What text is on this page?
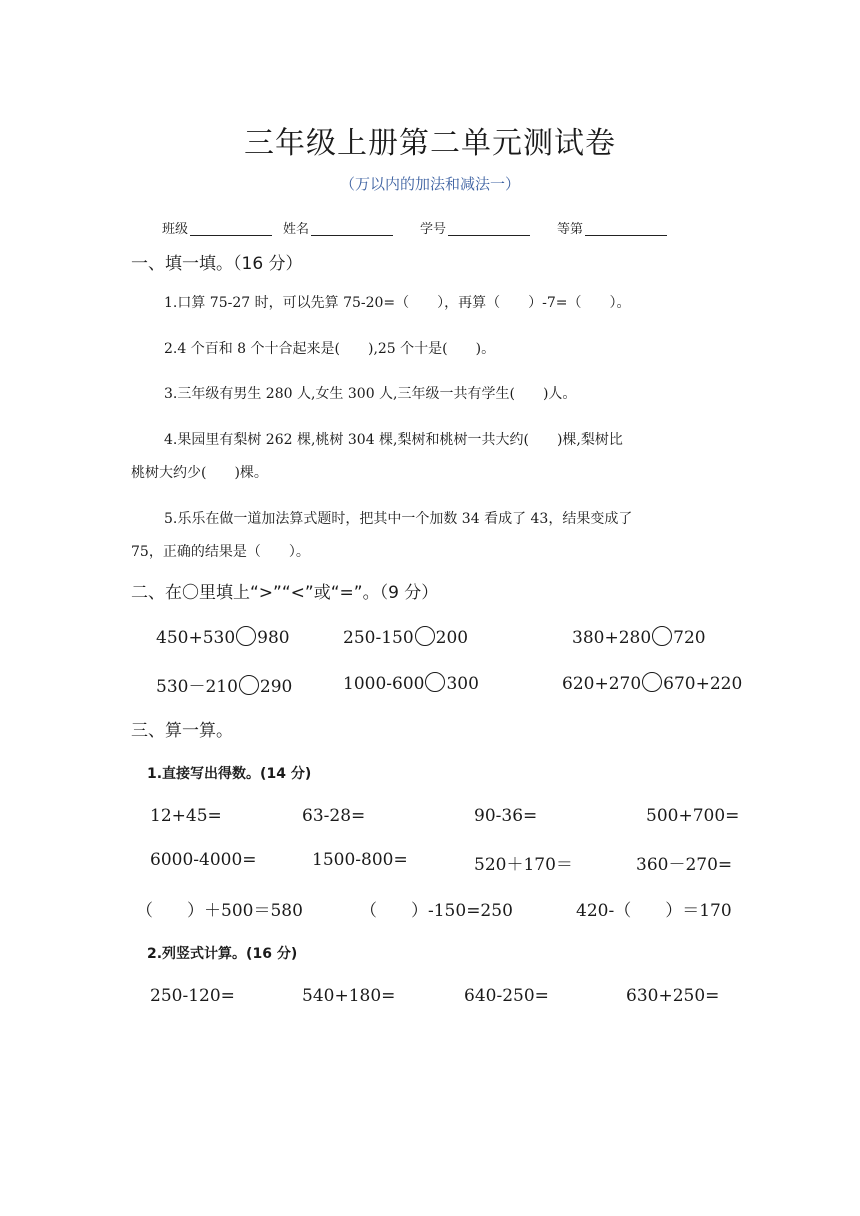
三年级上册第二单元测试卷
（万以内的加法和减法一）
班级	姓名	学号	等第
一、填一填。（16 分）
1.口算 75-27 时，可以先算 75-20=（　　），再算（　　）-7=（　　）。
2.4 个百和 8 个十合起来是(　　),25 个十是(　　)。
3.三年级有男生 280 人,女生 300 人,三年级一共有学生(　　)人。
4.果园里有梨树 262 棵,桃树 304 棵,梨树和桃树一共大约(　　)棵,梨树比
桃树大约少(　　)棵。
5.乐乐在做一道加法算式题时，把其中一个加数 34 看成了 43，结果变成了
75，正确的结果是（　　）。
二、在〇里填上“>”“<”或“=”。（9 分）
450+530 980	250-150 200	380+280 720
530－210 290	1000-600 300	620+270 670+220
三、算一算。
1.直接写出得数。(14 分)
12+45=	63-28=	90-36=	500+700=
6000-4000=	1500-800=	520＋170＝	360－270=
（　　）＋500＝580	（　　）-150=250	420-（　　）＝170
2.列竖式计算。(16 分)
250-120=	540+180=	640-250=	630+250=
